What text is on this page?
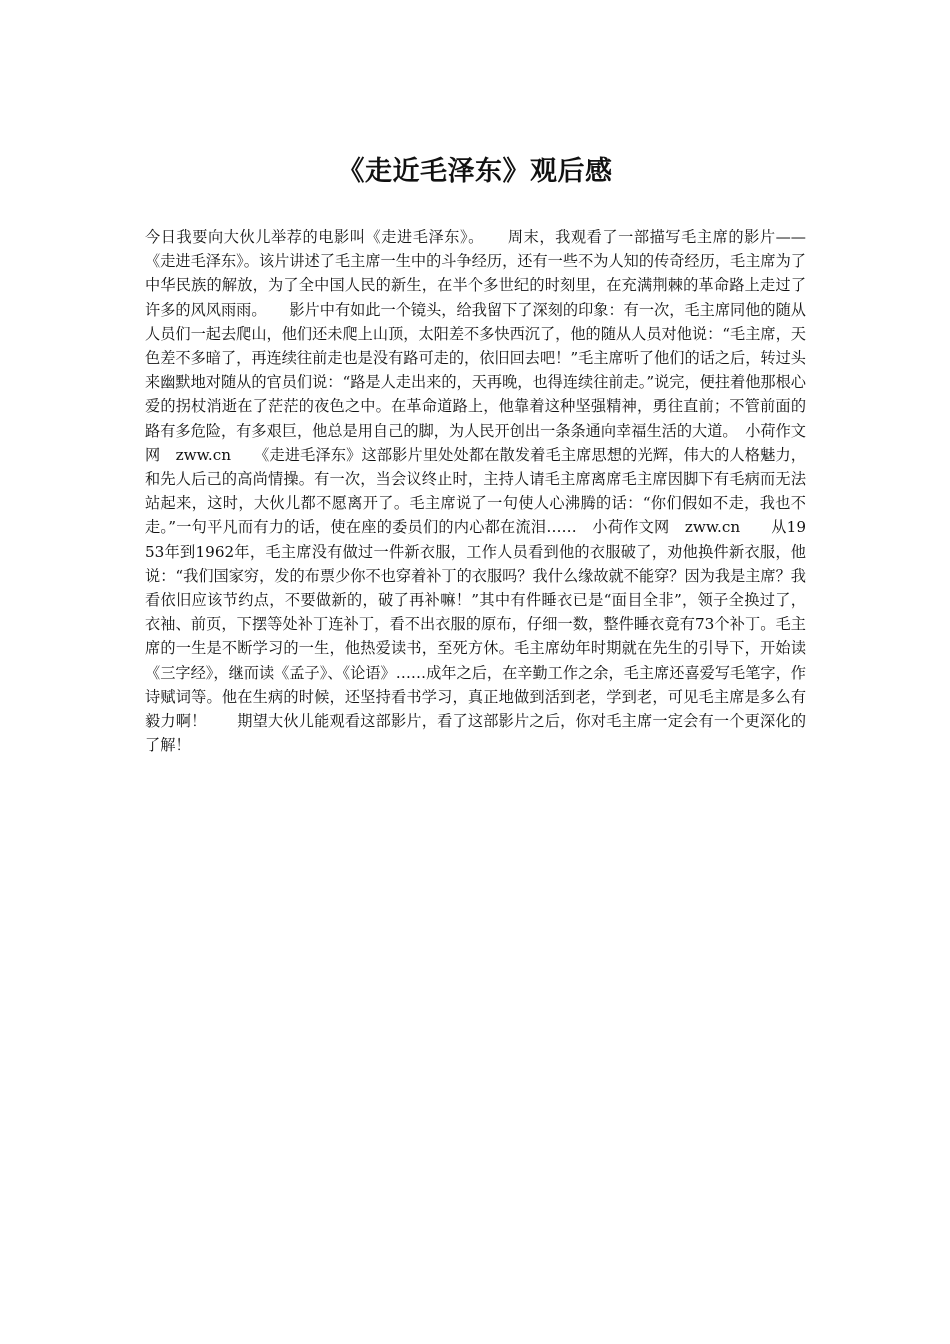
《走近毛泽东》观后感

今日我要向大伙儿举荐的电影叫《走进毛泽东》。　　周末，我观看了一部描写毛主席的影片——《走进毛泽东》。该片讲述了毛主席一生中的斗争经历，还有一些不为人知的传奇经历，毛主席为了中华民族的解放，为了全中国人民的新生，在半个多世纪的时刻里，在充满荆棘的革命路上走过了许多的风风雨雨。　　影片中有如此一个镜头，给我留下了深刻的印象：有一次，毛主席同他的随从人员们一起去爬山，他们还未爬上山顶，太阳差不多快西沉了，他的随从人员对他说：“毛主席，天色差不多暗了，再连续往前走也是没有路可走的，依旧回去吧！”毛主席听了他们的话之后，转过头来幽默地对随从的官员们说：“路是人走出来的，天再晚，也得连续往前走。”说完，便拄着他那根心爱的拐杖消逝在了茫茫的夜色之中。在革命道路上，他靠着这种坚强精神，勇往直前；不管前面的路有多危险，有多艰巨，他总是用自己的脚，为人民开创出一条条通向幸福生活的大道。　小荷作文网　zww.cn　　《走进毛泽东》这部影片里处处都在散发着毛主席思想的光辉，伟大的人格魅力，和先人后己的高尚情操。有一次，当会议终止时，主持人请毛主席离席毛主席因脚下有毛病而无法站起来，这时，大伙儿都不愿离开了。毛主席说了一句使人心沸腾的话：“你们假如不走，我也不走。”一句平凡而有力的话，使在座的委员们的内心都在流泪……　小荷作文网　zww.cn　　从1953年到1962年，毛主席没有做过一件新衣服，工作人员看到他的衣服破了，劝他换件新衣服，他说：“我们国家穷，发的布票少你不也穿着补丁的衣服吗？我什么缘故就不能穿？因为我是主席？我看依旧应该节约点，不要做新的，破了再补嘛！”其中有件睡衣已是“面目全非”，领子全换过了，衣袖、前页，下摆等处补丁连补丁，看不出衣服的原布，仔细一数，整件睡衣竟有73个补丁。毛主席的一生是不断学习的一生，他热爱读书，至死方休。毛主席幼年时期就在先生的引导下，开始读《三字经》，继而读《孟子》、《论语》……成年之后，在辛勤工作之余，毛主席还喜爱写毛笔字，作诗赋词等。他在生病的时候，还坚持看书学习，真正地做到活到老，学到老，可见毛主席是多么有毅力啊！　　期望大伙儿能观看这部影片，看了这部影片之后，你对毛主席一定会有一个更深化的了解！
